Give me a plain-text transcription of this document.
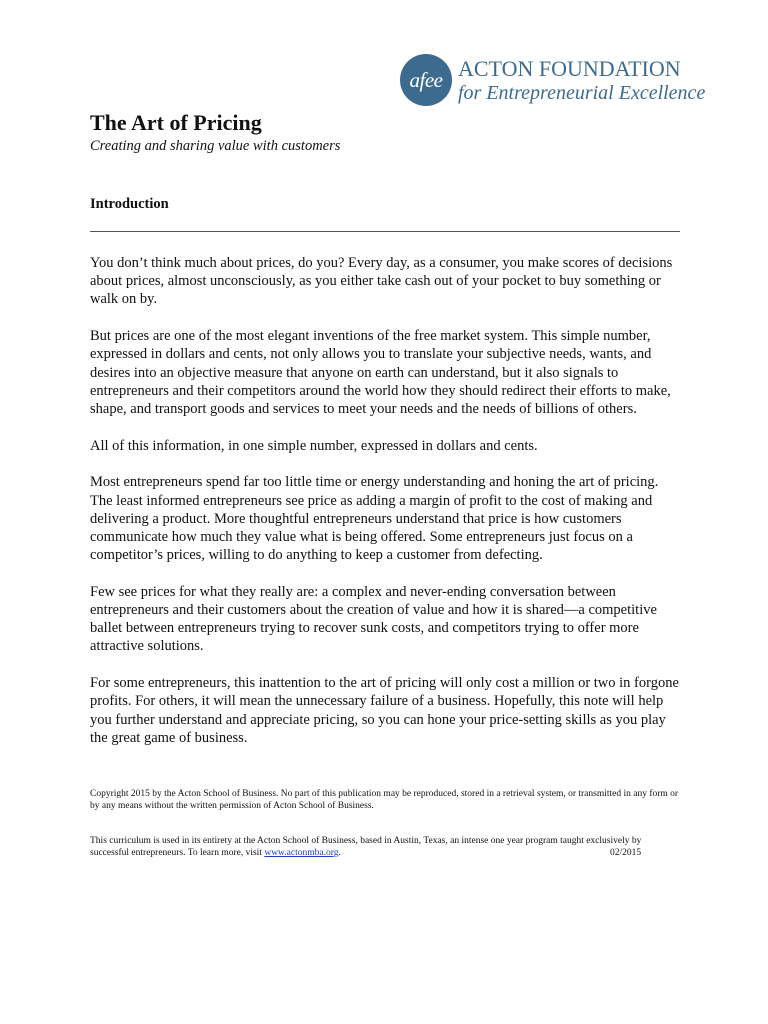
afee ACTON FOUNDATION
for Entrepreneurial Excellence
The Art of Pricing
Creating and sharing value with customers
Introduction

You don’t think much about prices, do you? Every day, as a consumer, you make scores of decisions about prices, almost unconsciously, as you either take cash out of your pocket to buy something or walk on by.

But prices are one of the most elegant inventions of the free market system. This simple number, expressed in dollars and cents, not only allows you to translate your subjective needs, wants, and desires into an objective measure that anyone on earth can understand, but it also signals to entrepreneurs and their competitors around the world how they should redirect their efforts to make, shape, and transport goods and services to meet your needs and the needs of billions of others.

All of this information, in one simple number, expressed in dollars and cents.

Most entrepreneurs spend far too little time or energy understanding and honing the art of pricing. The least informed entrepreneurs see price as adding a margin of profit to the cost of making and delivering a product. More thoughtful entrepreneurs understand that price is how customers communicate how much they value what is being offered. Some entrepreneurs just focus on a competitor’s prices, willing to do anything to keep a customer from defecting.

Few see prices for what they really are: a complex and never-ending conversation between entrepreneurs and their customers about the creation of value and how it is shared—a competitive ballet between entrepreneurs trying to recover sunk costs, and competitors trying to offer more attractive solutions.

For some entrepreneurs, this inattention to the art of pricing will only cost a million or two in forgone profits. For others, it will mean the unnecessary failure of a business. Hopefully, this note will help you further understand and appreciate pricing, so you can hone your price-setting skills as you play the great game of business.

Copyright 2015 by the Acton School of Business. No part of this publication may be reproduced, stored in a retrieval system, or transmitted in any form or by any means without the written permission of Acton School of Business.
This curriculum is used in its entirety at the Acton School of Business, based in Austin, Texas, an intense one year program taught exclusively by successful entrepreneurs. To learn more, visit www.actonmba.org.	02/2015
